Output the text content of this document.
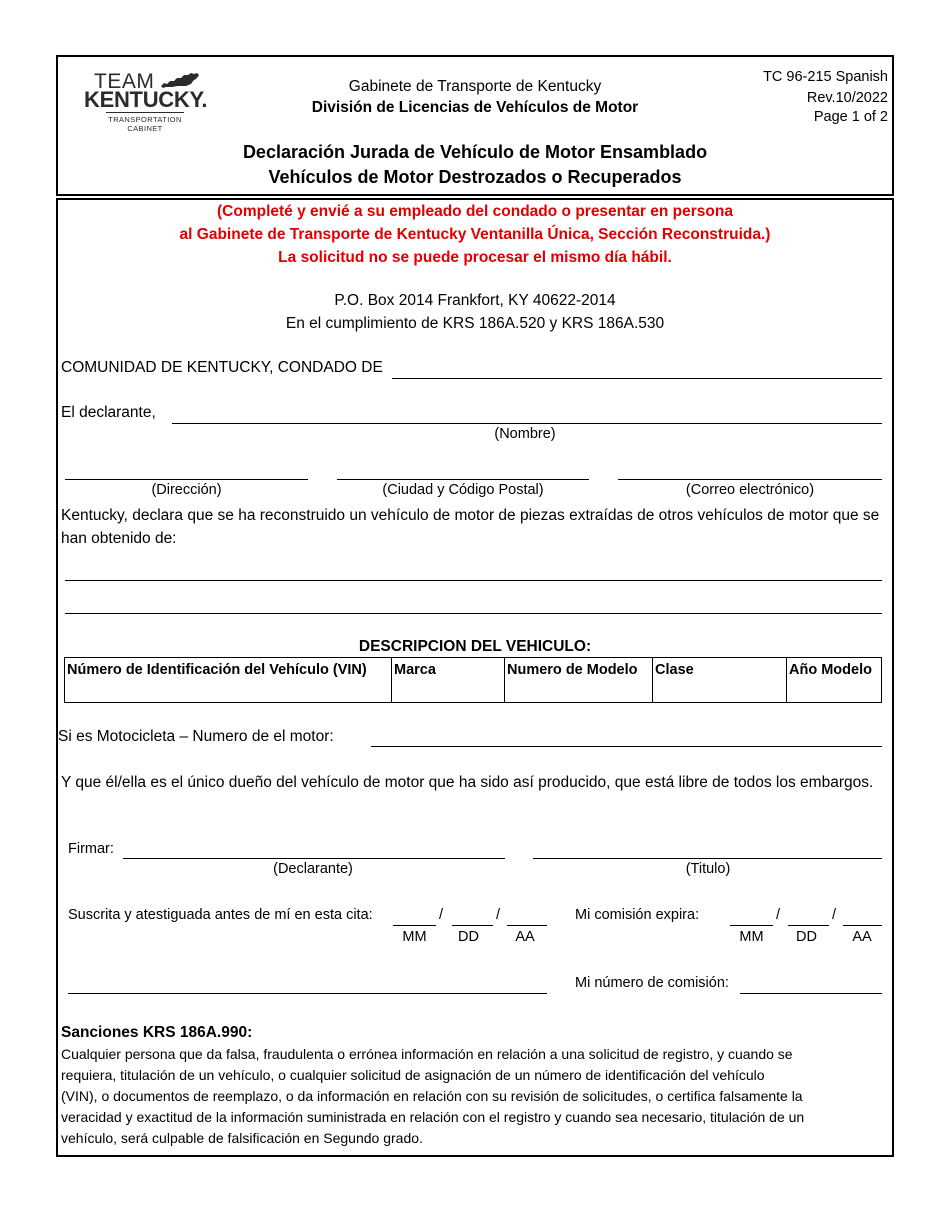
TEAM
KENTUCKY.
TRANSPORTATION
CABINET
Gabinete de Transporte de Kentucky
División de Licencias de Vehículos de Motor
TC 96-215 Spanish
Rev.10/2022
Page 1 of 2
Declaración Jurada de Vehículo de Motor Ensamblado
Vehículos de Motor Destrozados o Recuperados
(Completé y envié a su empleado del condado o presentar en persona
al Gabinete de Transporte de Kentucky Ventanilla Única, Sección Reconstruida.)
La solicitud no se puede procesar el mismo día hábil.
P.O. Box 2014 Frankfort, KY 40622-2014
En el cumplimiento de KRS 186A.520 y KRS 186A.530
COMUNIDAD DE KENTUCKY, CONDADO DE
El declarante,
(Nombre)
(Dirección)	(Ciudad y Código Postal)	(Correo electrónico)
Kentucky, declara que se ha reconstruido un vehículo de motor de piezas extraídas de otros vehículos de motor que se han obtenido de:
DESCRIPCION DEL VEHICULO:
Número de Identificación del Vehículo (VIN)	Marca	Numero de Modelo	Clase	Año Modelo
Si es Motocicleta – Numero de el motor:
Y que él/ella es el único dueño del vehículo de motor que ha sido así producido, que está libre de todos los embargos.
Firmar:
(Declarante)	(Titulo)
Suscrita y atestiguada antes de mí en esta cita:	/	/
MM	DD	AA
Mi comisión expira:	/	/
MM	DD	AA
Mi número de comisión:
Sanciones KRS 186A.990:
Cualquier persona que da falsa, fraudulenta o errónea información en relación a una solicitud de registro, y cuando se
requiera, titulación de un vehículo, o cualquier solicitud de asignación de un número de identificación del vehículo
(VIN), o documentos de reemplazo, o da información en relación con su revisión de solicitudes, o certifica falsamente la
veracidad y exactitud de la información suministrada en relación con el registro y cuando sea necesario, titulación de un
vehículo, será culpable de falsificación en Segundo grado.
